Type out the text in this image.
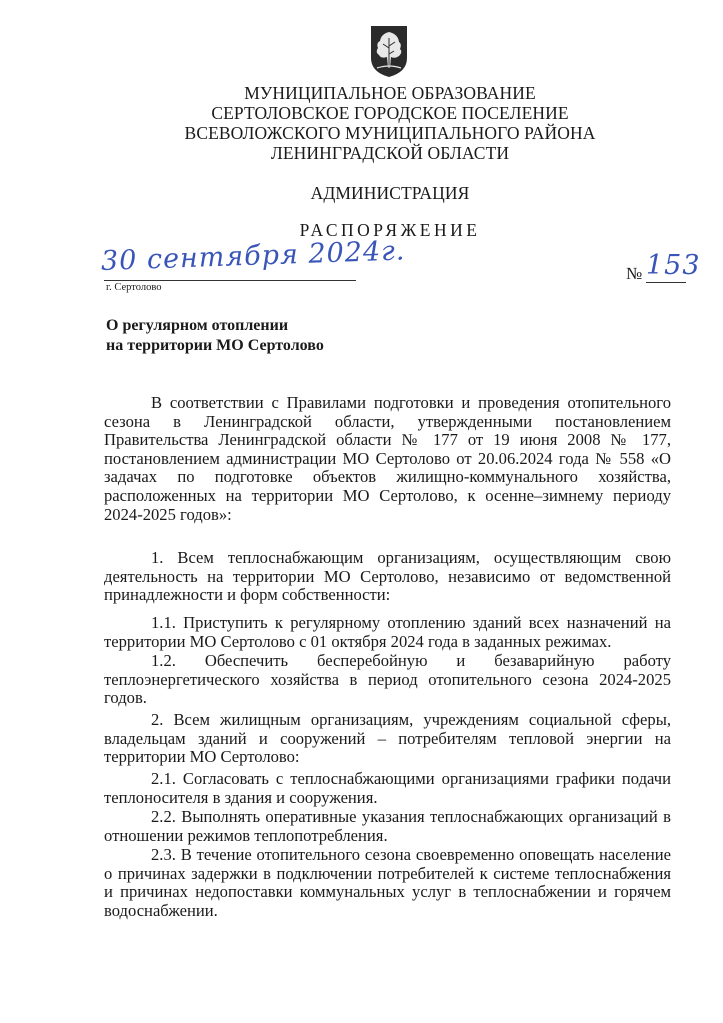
МУНИЦИПАЛЬНОЕ ОБРАЗОВАНИЕ
СЕРТОЛОВСКОЕ ГОРОДСКОЕ ПОСЕЛЕНИЕ
ВСЕВОЛОЖСКОГО МУНИЦИПАЛЬНОГО РАЙОНА
ЛЕНИНГРАДСКОЙ ОБЛАСТИ
АДМИНИСТРАЦИЯ
РАСПОРЯЖЕНИЕ
30 сентября 2024г.
г. Сертолово
№ 153
О регулярном отоплении
на территории МО Сертолово

В соответствии с Правилами подготовки и проведения отопительного сезона в Ленинградской области, утвержденными постановлением Правительства Ленинградской области № 177 от 19 июня 2008 № 177, постановлением администрации МО Сертолово от 20.06.2024 года № 558 «О задачах по подготовке объектов жилищно-коммунального хозяйства, расположенных на территории МО Сертолово, к осенне–зимнему периоду 2024-2025 годов»:

1. Всем теплоснабжающим организациям, осуществляющим свою деятельность на территории МО Сертолово, независимо от ведомственной принадлежности и форм собственности:

1.1. Приступить к регулярному отоплению зданий всех назначений на территории МО Сертолово с 01 октября 2024 года в заданных режимах.

1.2. Обеспечить бесперебойную и безаварийную работу теплоэнергетического хозяйства в период отопительного сезона 2024-2025 годов.

2. Всем жилищным организациям, учреждениям социальной сферы, владельцам зданий и сооружений – потребителям тепловой энергии на территории МО Сертолово:

2.1. Согласовать с теплоснабжающими организациями графики подачи теплоносителя в здания и сооружения.

2.2. Выполнять оперативные указания теплоснабжающих организаций в отношении режимов теплопотребления.

2.3. В течение отопительного сезона своевременно оповещать население о причинах задержки в подключении потребителей к системе теплоснабжения и причинах недопоставки коммунальных услуг в теплоснабжении и горячем водоснабжении.
